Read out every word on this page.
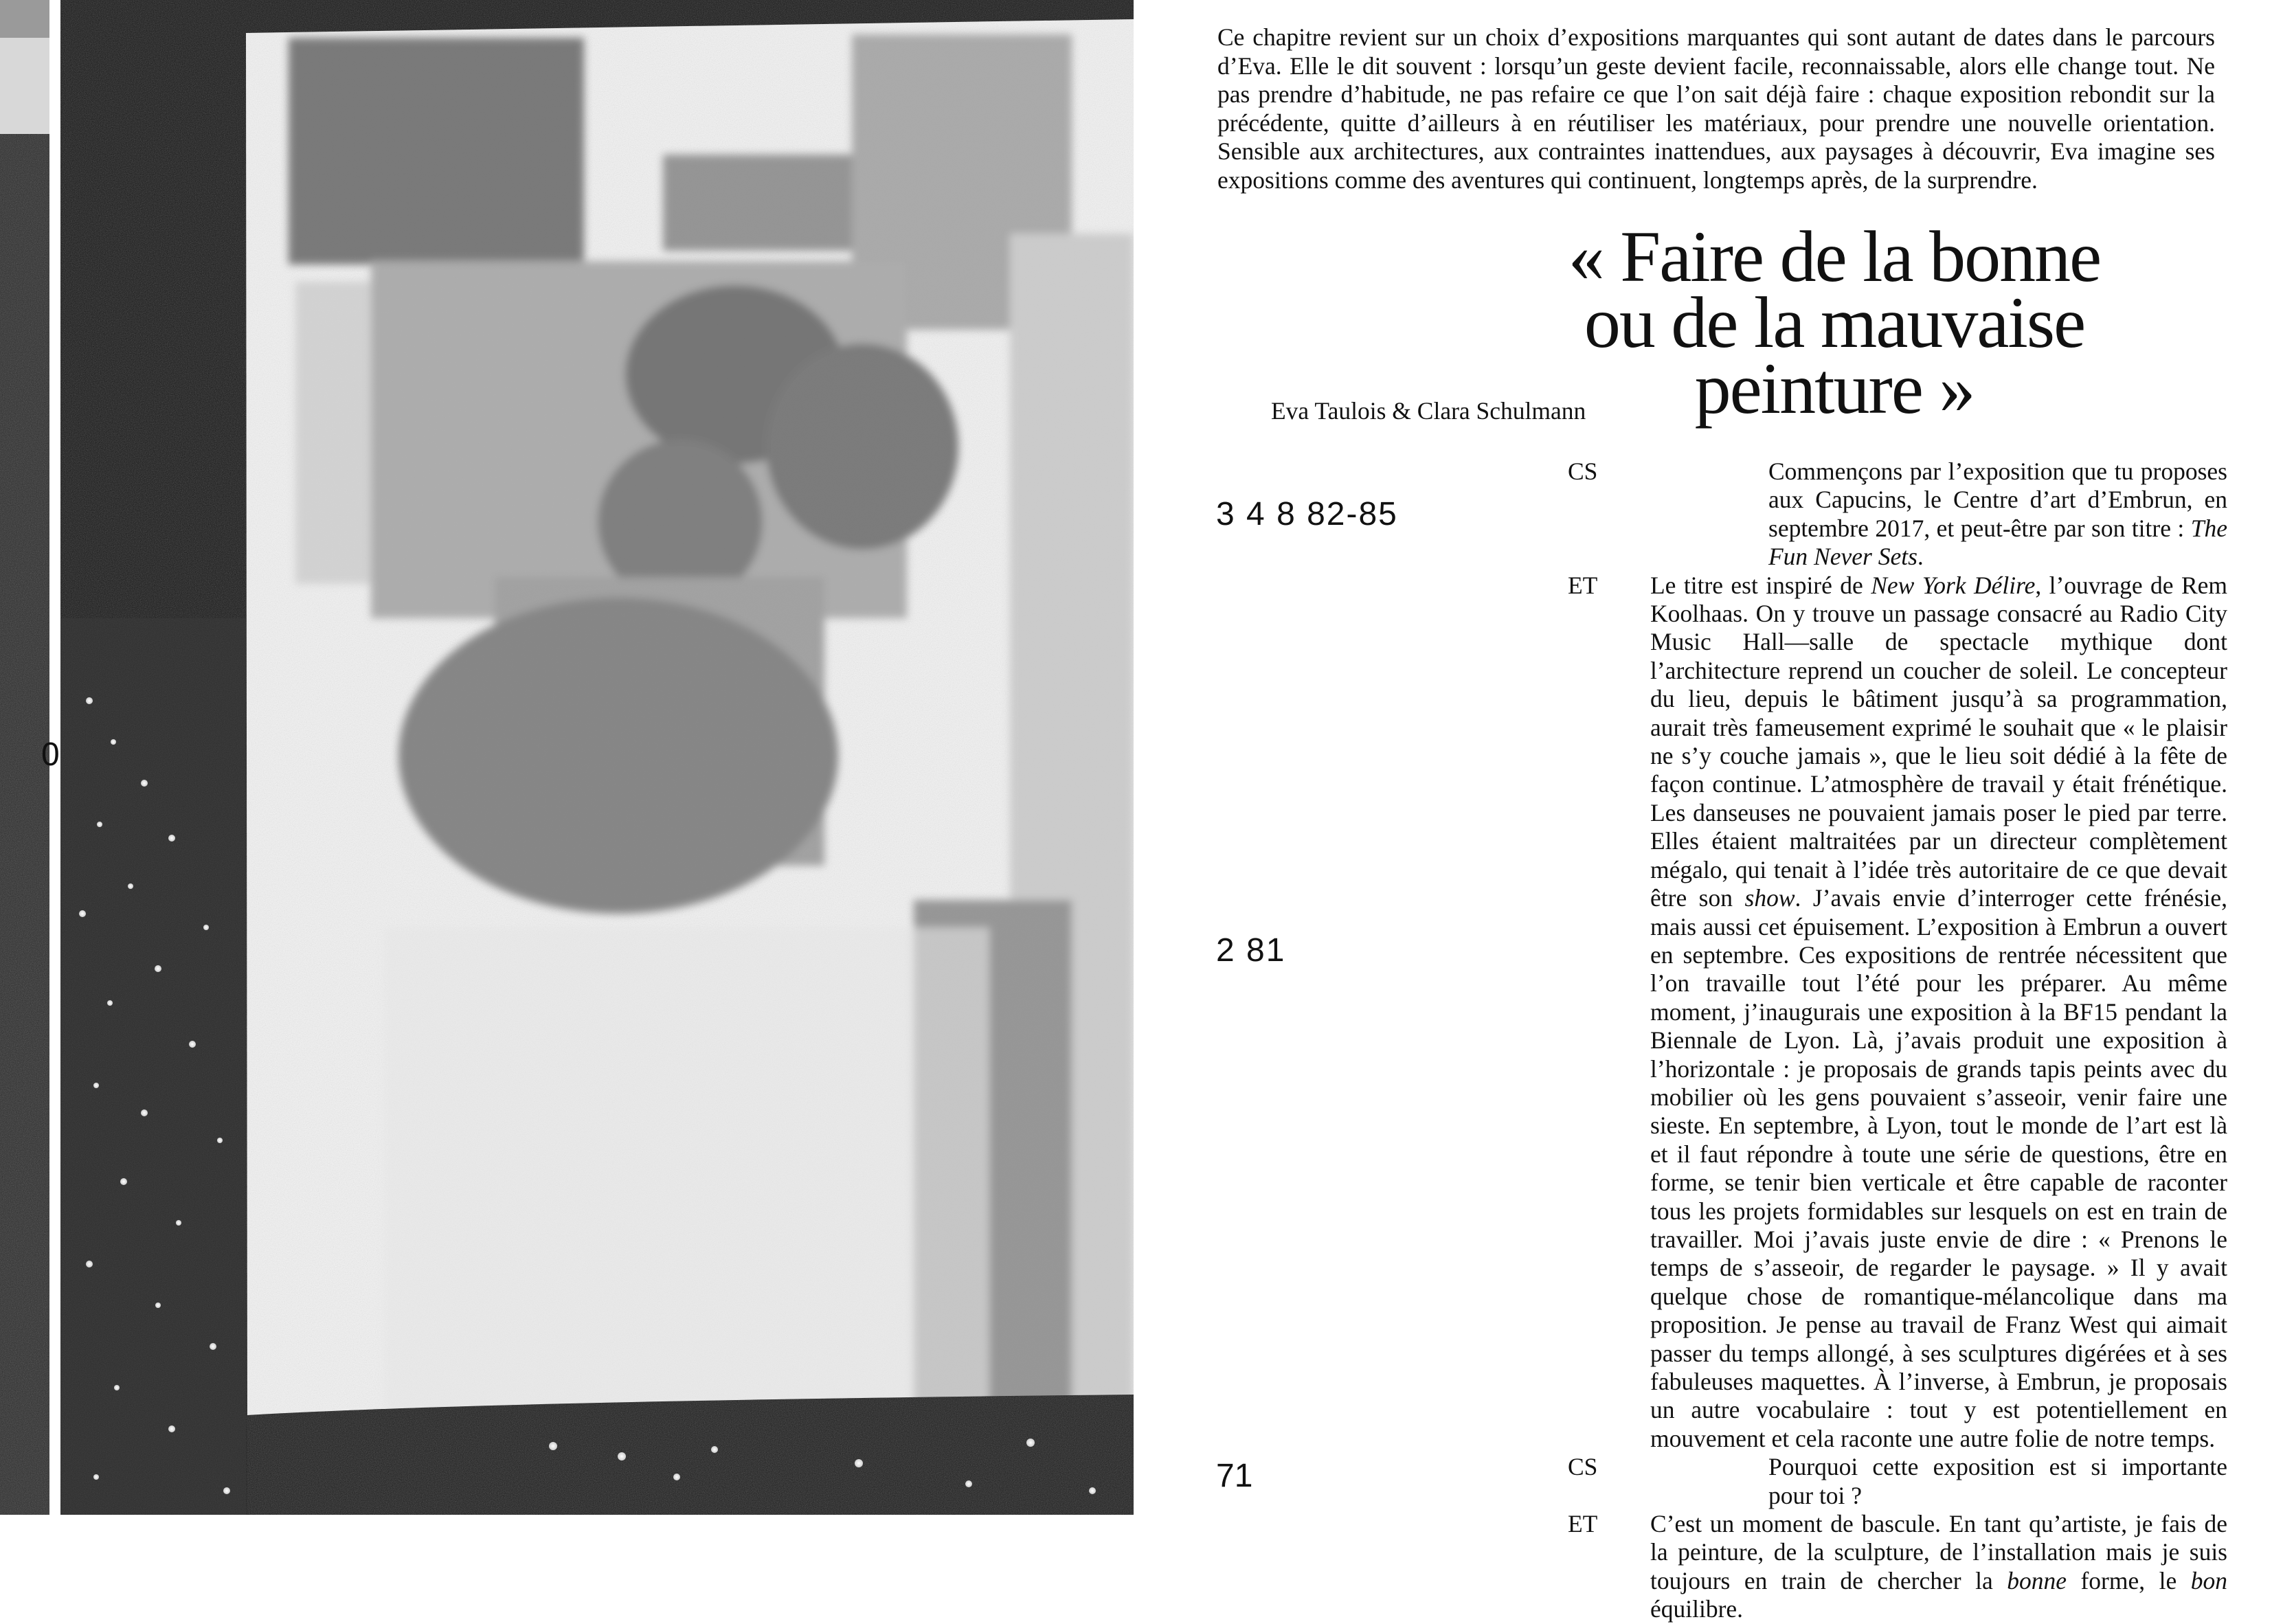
0

Ce chapitre revient sur un choix d’expositions marquantes qui sont autant de dates dans le parcours d’Eva. Elle le dit souvent : lorsqu’un geste devient facile, reconnaissable, alors elle change tout. Ne pas prendre d’habitude, ne pas refaire ce que l’on sait déjà faire : chaque exposition rebondit sur la précédente, quitte d’ailleurs à en réutiliser les matériaux, pour prendre une nouvelle orientation. Sensible aux architectures, aux contraintes inattendues, aux paysages à découvrir, Eva imagine ses expositions comme des aventures qui continuent, longtemps après, de la surprendre.

« Faire de la bonne
ou de la mauvaise
peinture »

Eva Taulois & Clara Schulmann

3 4 8 82-85

2 81

71

CS	Commençons par l’exposition que tu proposes aux Capucins, le Centre d’art d’Embrun, en septembre 2017, et peut-être par son titre : The Fun Never Sets.

ET Le titre est inspiré de New York Délire, l’ouvrage de Rem Koolhaas. On y trouve un passage consacré au Radio City Music Hall—salle de spectacle mythique dont l’architecture reprend un coucher de soleil. Le concepteur du lieu, depuis le bâtiment jusqu’à sa programmation, aurait très fameusement exprimé le souhait que « le plaisir ne s’y couche jamais », que le lieu soit dédié à la fête de façon continue. L’atmosphère de travail y était frénétique. Les danseuses ne pouvaient jamais poser le pied par terre. Elles étaient maltraitées par un directeur complètement mégalo, qui tenait à l’idée très autoritaire de ce que devait être son show. J’avais envie d’interroger cette frénésie, mais aussi cet épuisement. L’exposition à Embrun a ouvert en septembre. Ces expositions de rentrée nécessitent que l’on travaille tout l’été pour les préparer. Au même moment, j’inaugurais une exposition à la BF15 pendant la Biennale de Lyon. Là, j’avais produit une exposition à l’horizontale : je proposais de grands tapis peints avec du mobilier où les gens pouvaient s’asseoir, venir faire une sieste. En septembre, à Lyon, tout le monde de l’art est là et il faut répondre à toute une série de questions, être en forme, se tenir bien verticale et être capable de raconter tous les projets formidables sur lesquels on est en train de travailler. Moi j’avais juste envie de dire : « Prenons le temps de s’asseoir, de regarder le paysage. » Il y avait quelque chose de romantique-mélancolique dans ma proposition. Je pense au travail de Franz West qui aimait passer du temps allongé, à ses sculptures digérées et à ses fabuleuses maquettes. À l’inverse, à Embrun, je proposais un autre vocabulaire : tout y est potentiellement en mouvement et cela raconte une autre folie de notre temps.

CS	Pourquoi cette exposition est si importante pour toi ?

ET C’est un moment de bascule. En tant qu’artiste, je fais de la peinture, de la sculpture, de l’installation mais je suis toujours en train de chercher la bonne forme, le bon équilibre.
